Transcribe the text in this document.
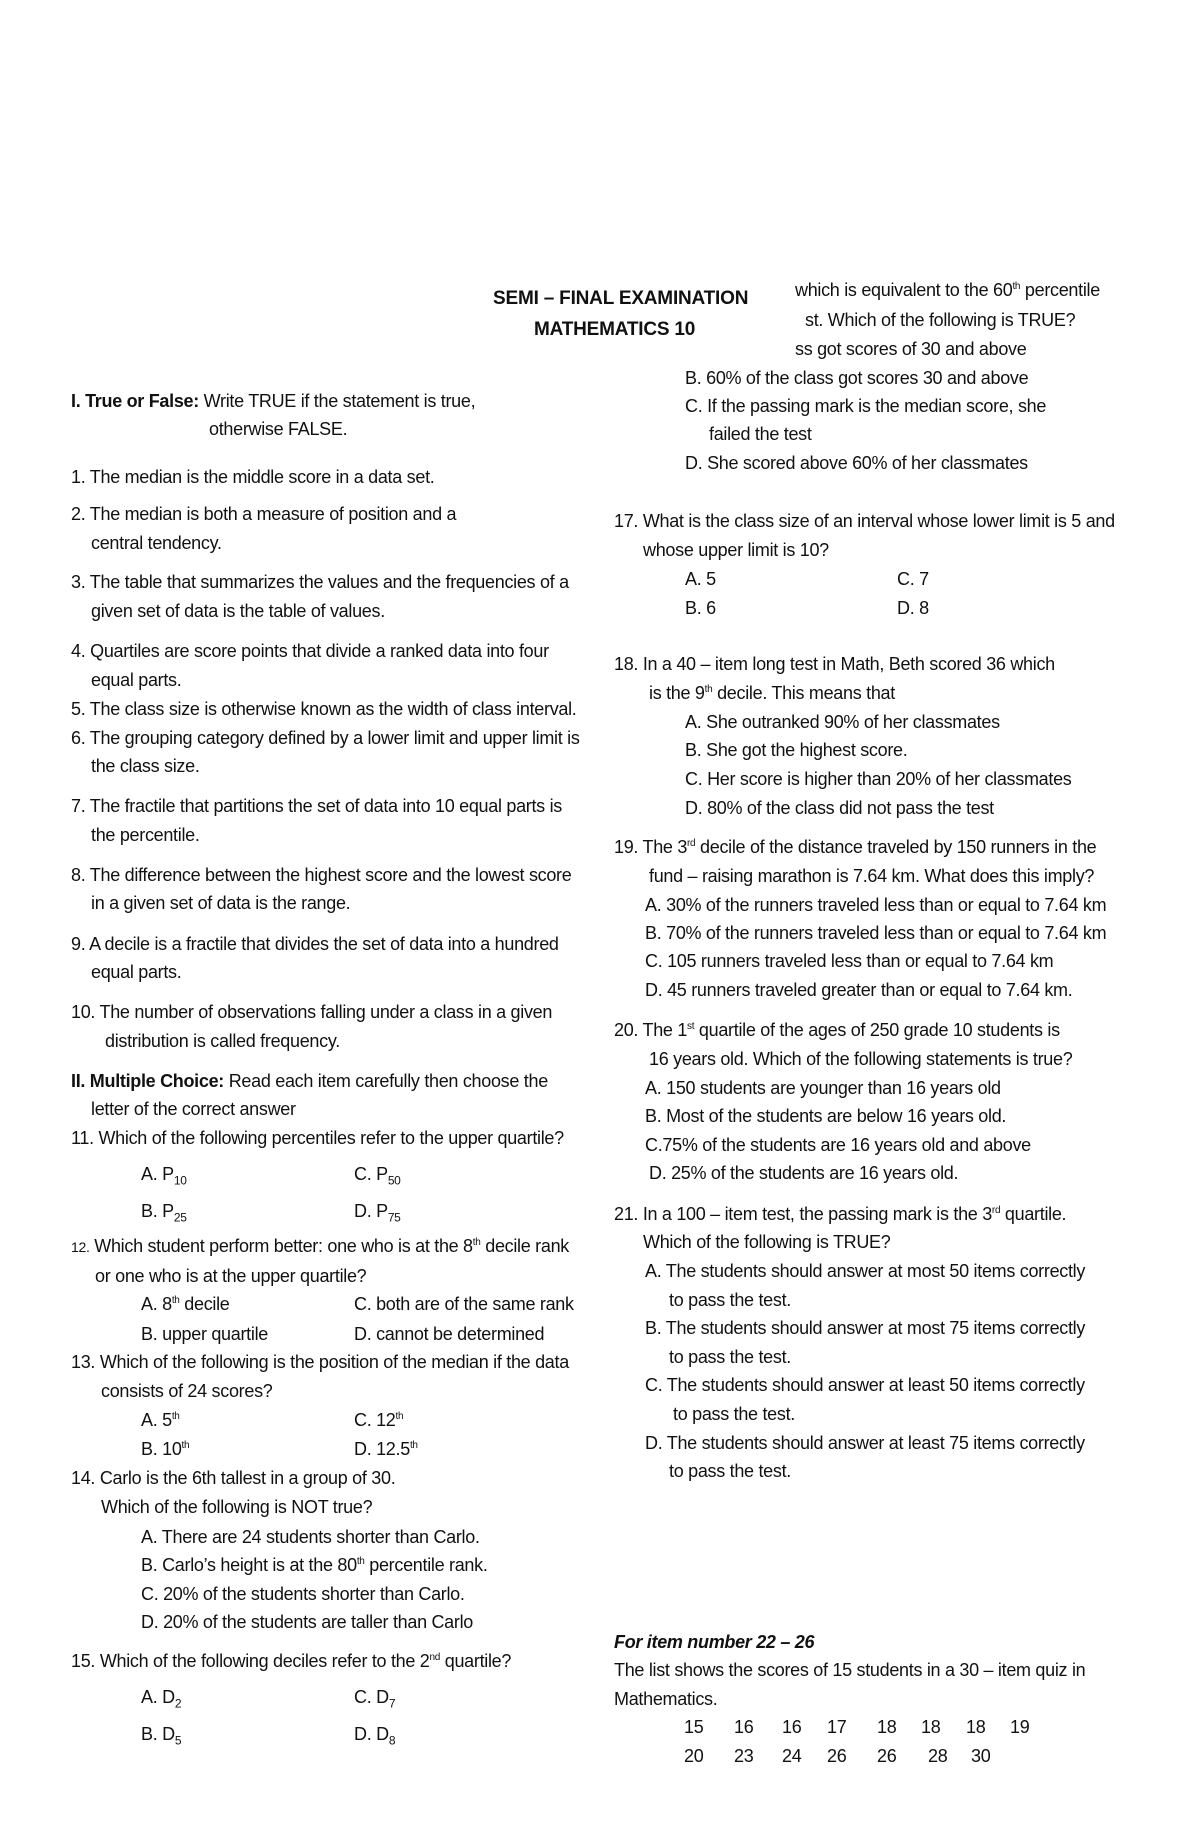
which is equivalent to the 60th percentile
st. Which of the following is TRUE?
ss got scores of 30 and above
SEMI – FINAL EXAMINATION
MATHEMATICS 10
B. 60% of the class got scores 30 and above
C. If the passing mark is the median score, she
failed the test
D. She scored above 60% of her classmates
I. True or False: Write TRUE if the statement is true,
otherwise FALSE.
1. The median is the middle score in a data set.
2. The median is both a measure of position and a
central tendency.
3. The table that summarizes the values and the frequencies of a
given set of data is the table of values.
4. Quartiles are score points that divide a ranked data into four
equal parts.
5. The class size is otherwise known as the width of class interval.
6. The grouping category defined by a lower limit and upper limit is
the class size.
7. The fractile that partitions the set of data into 10 equal parts is
the percentile.
8. The difference between the highest score and the lowest score
in a given set of data is the range.
9. A decile is a fractile that divides the set of data into a hundred
equal parts.
10. The number of observations falling under a class in a given
distribution is called frequency.
II. Multiple Choice: Read each item carefully then choose the
letter of the correct answer
11. Which of the following percentiles refer to the upper quartile?
A. $P_{10}$	C. $P_{50}$
B. $P_{25}$	D. $P_{75}$
12. Which student perform better: one who is at the 8th decile rank
or one who is at the upper quartile?
A. 8th decile	C. both are of the same rank
B. upper quartile	D. cannot be determined
13. Which of the following is the position of the median if the data
consists of 24 scores?
A. 5th	C. 12th
B. 10th	D. 12.5th
14. Carlo is the 6th tallest in a group of 30.
Which of the following is NOT true?
A. There are 24 students shorter than Carlo.
B. Carlo’s height is at the 80th percentile rank.
C. 20% of the students shorter than Carlo.
D. 20% of the students are taller than Carlo
15. Which of the following deciles refer to the 2nd quartile?
A. $D_2$	C. $D_7$
B. $D_5$	D. $D_8$
17. What is the class size of an interval whose lower limit is 5 and
whose upper limit is 10?
A. 5	C. 7
B. 6	D. 8
18. In a 40 – item long test in Math, Beth scored 36 which
is the 9th decile. This means that
A. She outranked 90% of her classmates
B. She got the highest score.
C. Her score is higher than 20% of her classmates
D. 80% of the class did not pass the test
19. The 3rd decile of the distance traveled by 150 runners in the
fund – raising marathon is 7.64 km. What does this imply?
A. 30% of the runners traveled less than or equal to 7.64 km
B. 70% of the runners traveled less than or equal to 7.64 km
C. 105 runners traveled less than or equal to 7.64 km
D. 45 runners traveled greater than or equal to 7.64 km.
20. The 1st quartile of the ages of 250 grade 10 students is
16 years old. Which of the following statements is true?
A. 150 students are younger than 16 years old
B. Most of the students are below 16 years old.
C.75% of the students are 16 years old and above
D. 25% of the students are 16 years old.
21. In a 100 – item test, the passing mark is the 3rd quartile.
Which of the following is TRUE?
A. The students should answer at most 50 items correctly
to pass the test.
B. The students should answer at most 75 items correctly
to pass the test.
C. The students should answer at least 50 items correctly
to pass the test.
D. The students should answer at least 75 items correctly
to pass the test.
For item number 22 – 26
The list shows the scores of 15 students in a 30 – item quiz in
Mathematics.
15 16 16 17 18 18 18 19
20 23 24 26 26 28 30
